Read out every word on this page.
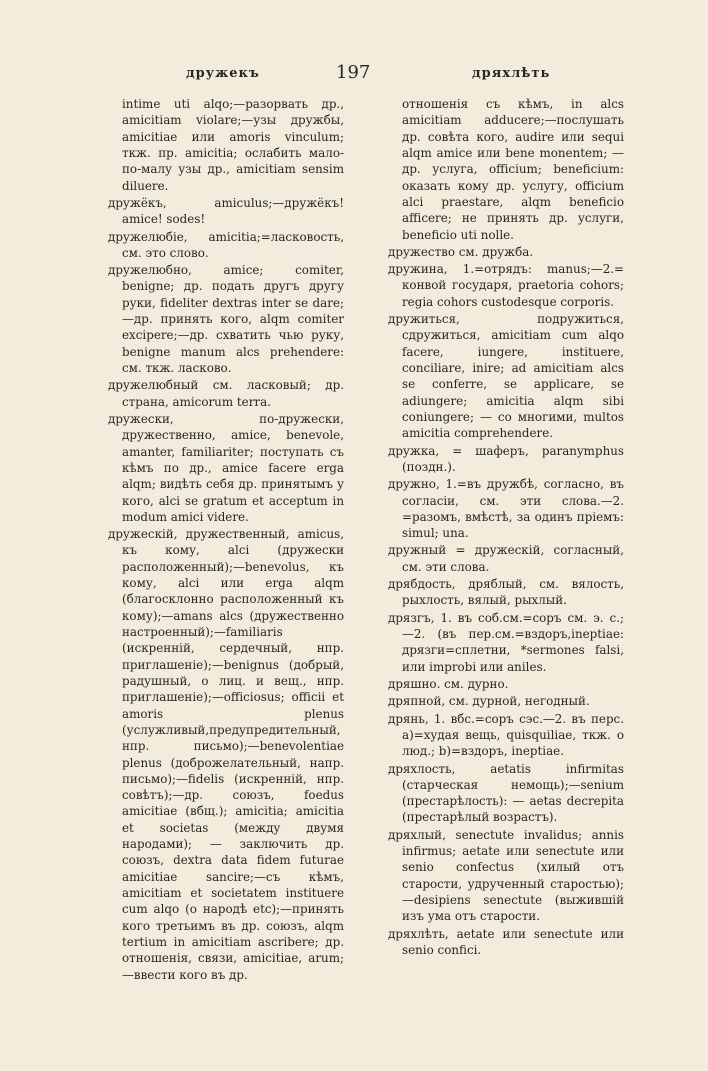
дружекъ	197	дряхлѣть

intime uti alqo;—разорвать др., amicitiam violare;—узы дружбы, amicitiae или amoris vinculum; ткж. пр. amicitia; ослабить мало-по-малу узы др., amicitiam sensim diluere.

дружёкъ, amiculus;—дружёкъ! amice! sodes!

дружелюбіе, amicitia;=ласковость, см. это слово.

дружелюбно, amice; comiter, benigne; др. подать другъ другу руки, fideliter dextras inter se dare;—др. принять кого, alqm comiter excipere;—др. схватить чью руку, benigne manum alcs prehendere: см. ткж. ласково.

дружелюбный см. ласковый; др. страна, amicorum terra.

дружески, по-дружески, дружественно, amice, benevole, amanter, familiariter; поступать съ кѣмъ по др., amice facere erga alqm; видѣть себя др. принятымъ у кого, alci se gratum et acceptum in modum amici videre.

дружескій, дружественный, amicus, къ кому, alci (дружески расположенный);—benevolus, къ кому, alci или erga alqm (благосклонно расположенный къ кому);—amans alcs (дружественно настроенный);—familiaris (искренній, сердечный, нпр. приглашеніе);—benignus (добрый, радушный, о лиц. и вещ., нпр. приглашеніе);—officiosus; officii et amoris plenus (услужливый,предупредительный, нпр. письмо);—benevolentiae plenus (доброжелательный, напр. письмо);—fidelis (искренній, нпр. совѣтъ);—др. союзъ, foedus amicitiae (вбщ.); amicitia; amicitia et societas (между двумя народами); — заключить др. союзъ, dextra data fidem futurae amicitiae sancire;—съ кѣмъ, amicitiam et societatem instituere cum alqo (о народѣ etc);—принять кого третьимъ въ др. союзъ, alqm tertium in amicitiam ascribere; др. отношенія, связи, amicitiae, arum;—ввести кого въ др.

отношенія съ кѣмъ, in alcs amicitiam adducere;—послушать др. совѣта кого, audire или sequi alqm amice или bene monentem; —др. услуга, officium; beneficium: оказать кому др. услугу, officium alci praestare, alqm beneficio afficere; не принять др. услуги, beneficio uti nolle.

дружество см. дружба.

дружина, 1.=отрядъ: manus;—2.= конвой государя, praetoria cohors; regia cohors custodesque corporis.

дружиться, подружиться, сдружиться, amicitiam cum alqo facere, iungere, instituere, conciliare, inire; ad amicitiam alcs se conferre, se applicare, se adiungere; amicitia alqm sibi coniungere; — со многими, multos amicitia comprehendere.

дружка, = шаферъ, paranymphus (поздн.).

дружно, 1.=въ дружбѣ, согласно, въ согласіи, см. эти слова.—2. =разомъ, вмѣстѣ, за одинъ пріемъ: simul; una.

дружный = дружескій, согласный, см. эти слова.

дрябдость, дряблый, см. вялость, рыхлость, вялый, рыхлый.

дрязгъ, 1. въ соб.см.=соръ см. э. с.; —2. (въ пер.см.=вздоръ,ineptiae: дрязги=сплетни, *sermones falsi, или improbi или aniles.

дряшно. см. дурно.

дряпной, см. дурной, негодный.

дрянь, 1. вбс.=соръ сэс.—2. въ перс. а)=худая вещь, quisquiliae, ткж. о люд.; b)=вздоръ, ineptiae.

дряхлость, aetatis infirmitas (старческая немощь);—senium (престарѣлость): — aetas decrepita (престарѣлый возрастъ).

дряхлый, senectute invalidus; annis infirmus; aetate или senectute или senio confectus (хилый отъ старости, удрученный старостью); —desipiens senectute (выжившій изъ ума отъ старости.

дряхлѣть, aetate или senectute или senio confici.
